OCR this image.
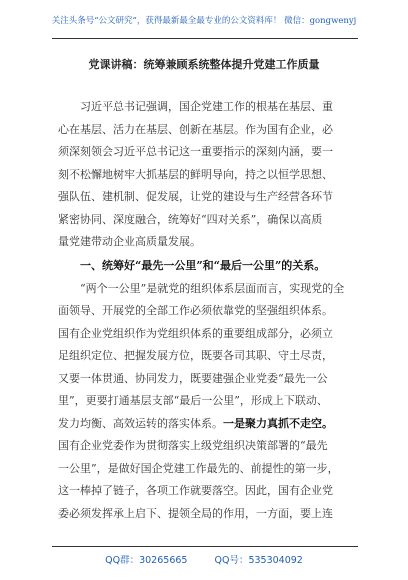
关注头条号“公文研究”，获得最新最全最专业的公文资料库！ 微信：gongwenyj
党课讲稿：统筹兼顾系统整体提升党建工作质量
习近平总书记强调，国企党建工作的根基在基层、重
心在基层、活力在基层、创新在基层。作为国有企业，必
须深刻领会习近平总书记这一重要指示的深刻内涵，要一
刻不松懈地树牢大抓基层的鲜明导向，持之以恒学思想、
强队伍、建机制、促发展，让党的建设与生产经营各环节
紧密协同、深度融合，统筹好“四对关系”，确保以高质
量党建带动企业高质量发展。
一、统筹好“最先一公里”和“最后一公里”的关系。
“两个一公里”是就党的组织体系层面而言，实现党的全
面领导、开展党的全部工作必须依靠党的坚强组织体系。
国有企业党组织作为党组织体系的重要组成部分，必须立
足组织定位、把握发展方位，既要各司其职、守土尽责，
又要一体贯通、协同发力，既要建强企业党委“最先一公
里”，更要打通基层支部“最后一公里”，形成上下联动、
发力均衡、高效运转的落实体系。一是聚力真抓不走空。
国有企业党委作为贯彻落实上级党组织决策部署的“最先
一公里”，是做好国企党建工作最先的、前提性的第一步，
这一棒掉了链子，各项工作就要落空。因此，国有企业党
委必须发挥承上启下、提领全局的作用，一方面，要上连
QQ群：30265665	QQ号：535304092
